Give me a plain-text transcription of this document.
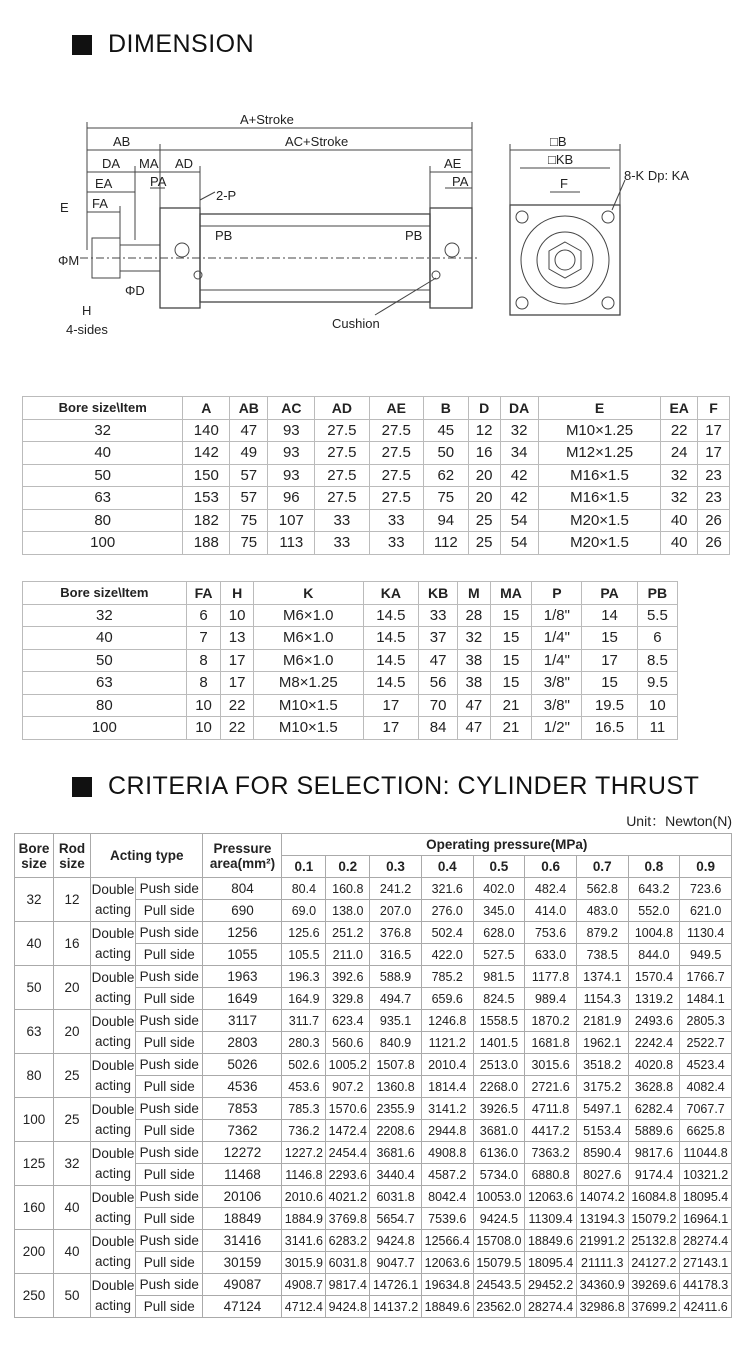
DIMENSION
A+Stroke
AC+Stroke
AB
DA MA AD	AE
EA
FA
E
PA	PA
2-P
PB	PB
ΦM
ΦD
H
4-sides	Cushion
□B
□KB
F
8-K Dp: KA
Bore size\Item	A	AB	AC	AD	AE	B	D	DA	E	EA	F
32	140	47	93	27.5	27.5	45	12	32	M10×1.25	22	17
40	142	49	93	27.5	27.5	50	16	34	M12×1.25	24	17
50	150	57	93	27.5	27.5	62	20	42	M16×1.5	32	23
63	153	57	96	27.5	27.5	75	20	42	M16×1.5	32	23
80	182	75	107	33	33	94	25	54	M20×1.5	40	26
100	188	75	113	33	33	112	25	54	M20×1.5	40	26
Bore size\Item	FA	H	K	KA	KB	M	MA	P	PA	PB
32	6	10	M6×1.0	14.5	33	28	15	1/8"	14	5.5
40	7	13	M6×1.0	14.5	37	32	15	1/4"	15	6
50	8	17	M6×1.0	14.5	47	38	15	1/4"	17	8.5
63	8	17	M8×1.25	14.5	56	38	15	3/8"	15	9.5
80	10	22	M10×1.5	17	70	47	21	3/8"	19.5	10
100	10	22	M10×1.5	17	84	47	21	1/2"	16.5	11
CRITERIA FOR SELECTION: CYLINDER THRUST
Unit：Newton(N)
Bore size	Rod size	Acting type		Pressure area(mm²)	Operating pressure(MPa)								
					0.1	0.2	0.3	0.4	0.5	0.6	0.7	0.8	0.9
32	12	Double acting	Push side	804	80.4	160.8	241.2	321.6	402.0	482.4	562.8	643.2	723.6
			Pull side	690	69.0	138.0	207.0	276.0	345.0	414.0	483.0	552.0	621.0
40	16	Double acting	Push side	1256	125.6	251.2	376.8	502.4	628.0	753.6	879.2	1004.8	1130.4
			Pull side	1055	105.5	211.0	316.5	422.0	527.5	633.0	738.5	844.0	949.5
50	20	Double acting	Push side	1963	196.3	392.6	588.9	785.2	981.5	1177.8	1374.1	1570.4	1766.7
			Pull side	1649	164.9	329.8	494.7	659.6	824.5	989.4	1154.3	1319.2	1484.1
63	20	Double acting	Push side	3117	311.7	623.4	935.1	1246.8	1558.5	1870.2	2181.9	2493.6	2805.3
			Pull side	2803	280.3	560.6	840.9	1121.2	1401.5	1681.8	1962.1	2242.4	2522.7
80	25	Double acting	Push side	5026	502.6	1005.2	1507.8	2010.4	2513.0	3015.6	3518.2	4020.8	4523.4
			Pull side	4536	453.6	907.2	1360.8	1814.4	2268.0	2721.6	3175.2	3628.8	4082.4
100	25	Double acting	Push side	7853	785.3	1570.6	2355.9	3141.2	3926.5	4711.8	5497.1	6282.4	7067.7
			Pull side	7362	736.2	1472.4	2208.6	2944.8	3681.0	4417.2	5153.4	5889.6	6625.8
125	32	Double acting	Push side	12272	1227.2	2454.4	3681.6	4908.8	6136.0	7363.2	8590.4	9817.6	11044.8
			Pull side	11468	1146.8	2293.6	3440.4	4587.2	5734.0	6880.8	8027.6	9174.4	10321.2
160	40	Double acting	Push side	20106	2010.6	4021.2	6031.8	8042.4	10053.0	12063.6	14074.2	16084.8	18095.4
			Pull side	18849	1884.9	3769.8	5654.7	7539.6	9424.5	11309.4	13194.3	15079.2	16964.1
200	40	Double acting	Push side	31416	3141.6	6283.2	9424.8	12566.4	15708.0	18849.6	21991.2	25132.8	28274.4
			Pull side	30159	3015.9	6031.8	9047.7	12063.6	15079.5	18095.4	21111.3	24127.2	27143.1
250	50	Double acting	Push side	49087	4908.7	9817.4	14726.1	19634.8	24543.5	29452.2	34360.9	39269.6	44178.3
			Pull side	47124	4712.4	9424.8	14137.2	18849.6	23562.0	28274.4	32986.8	37699.2	42411.6
